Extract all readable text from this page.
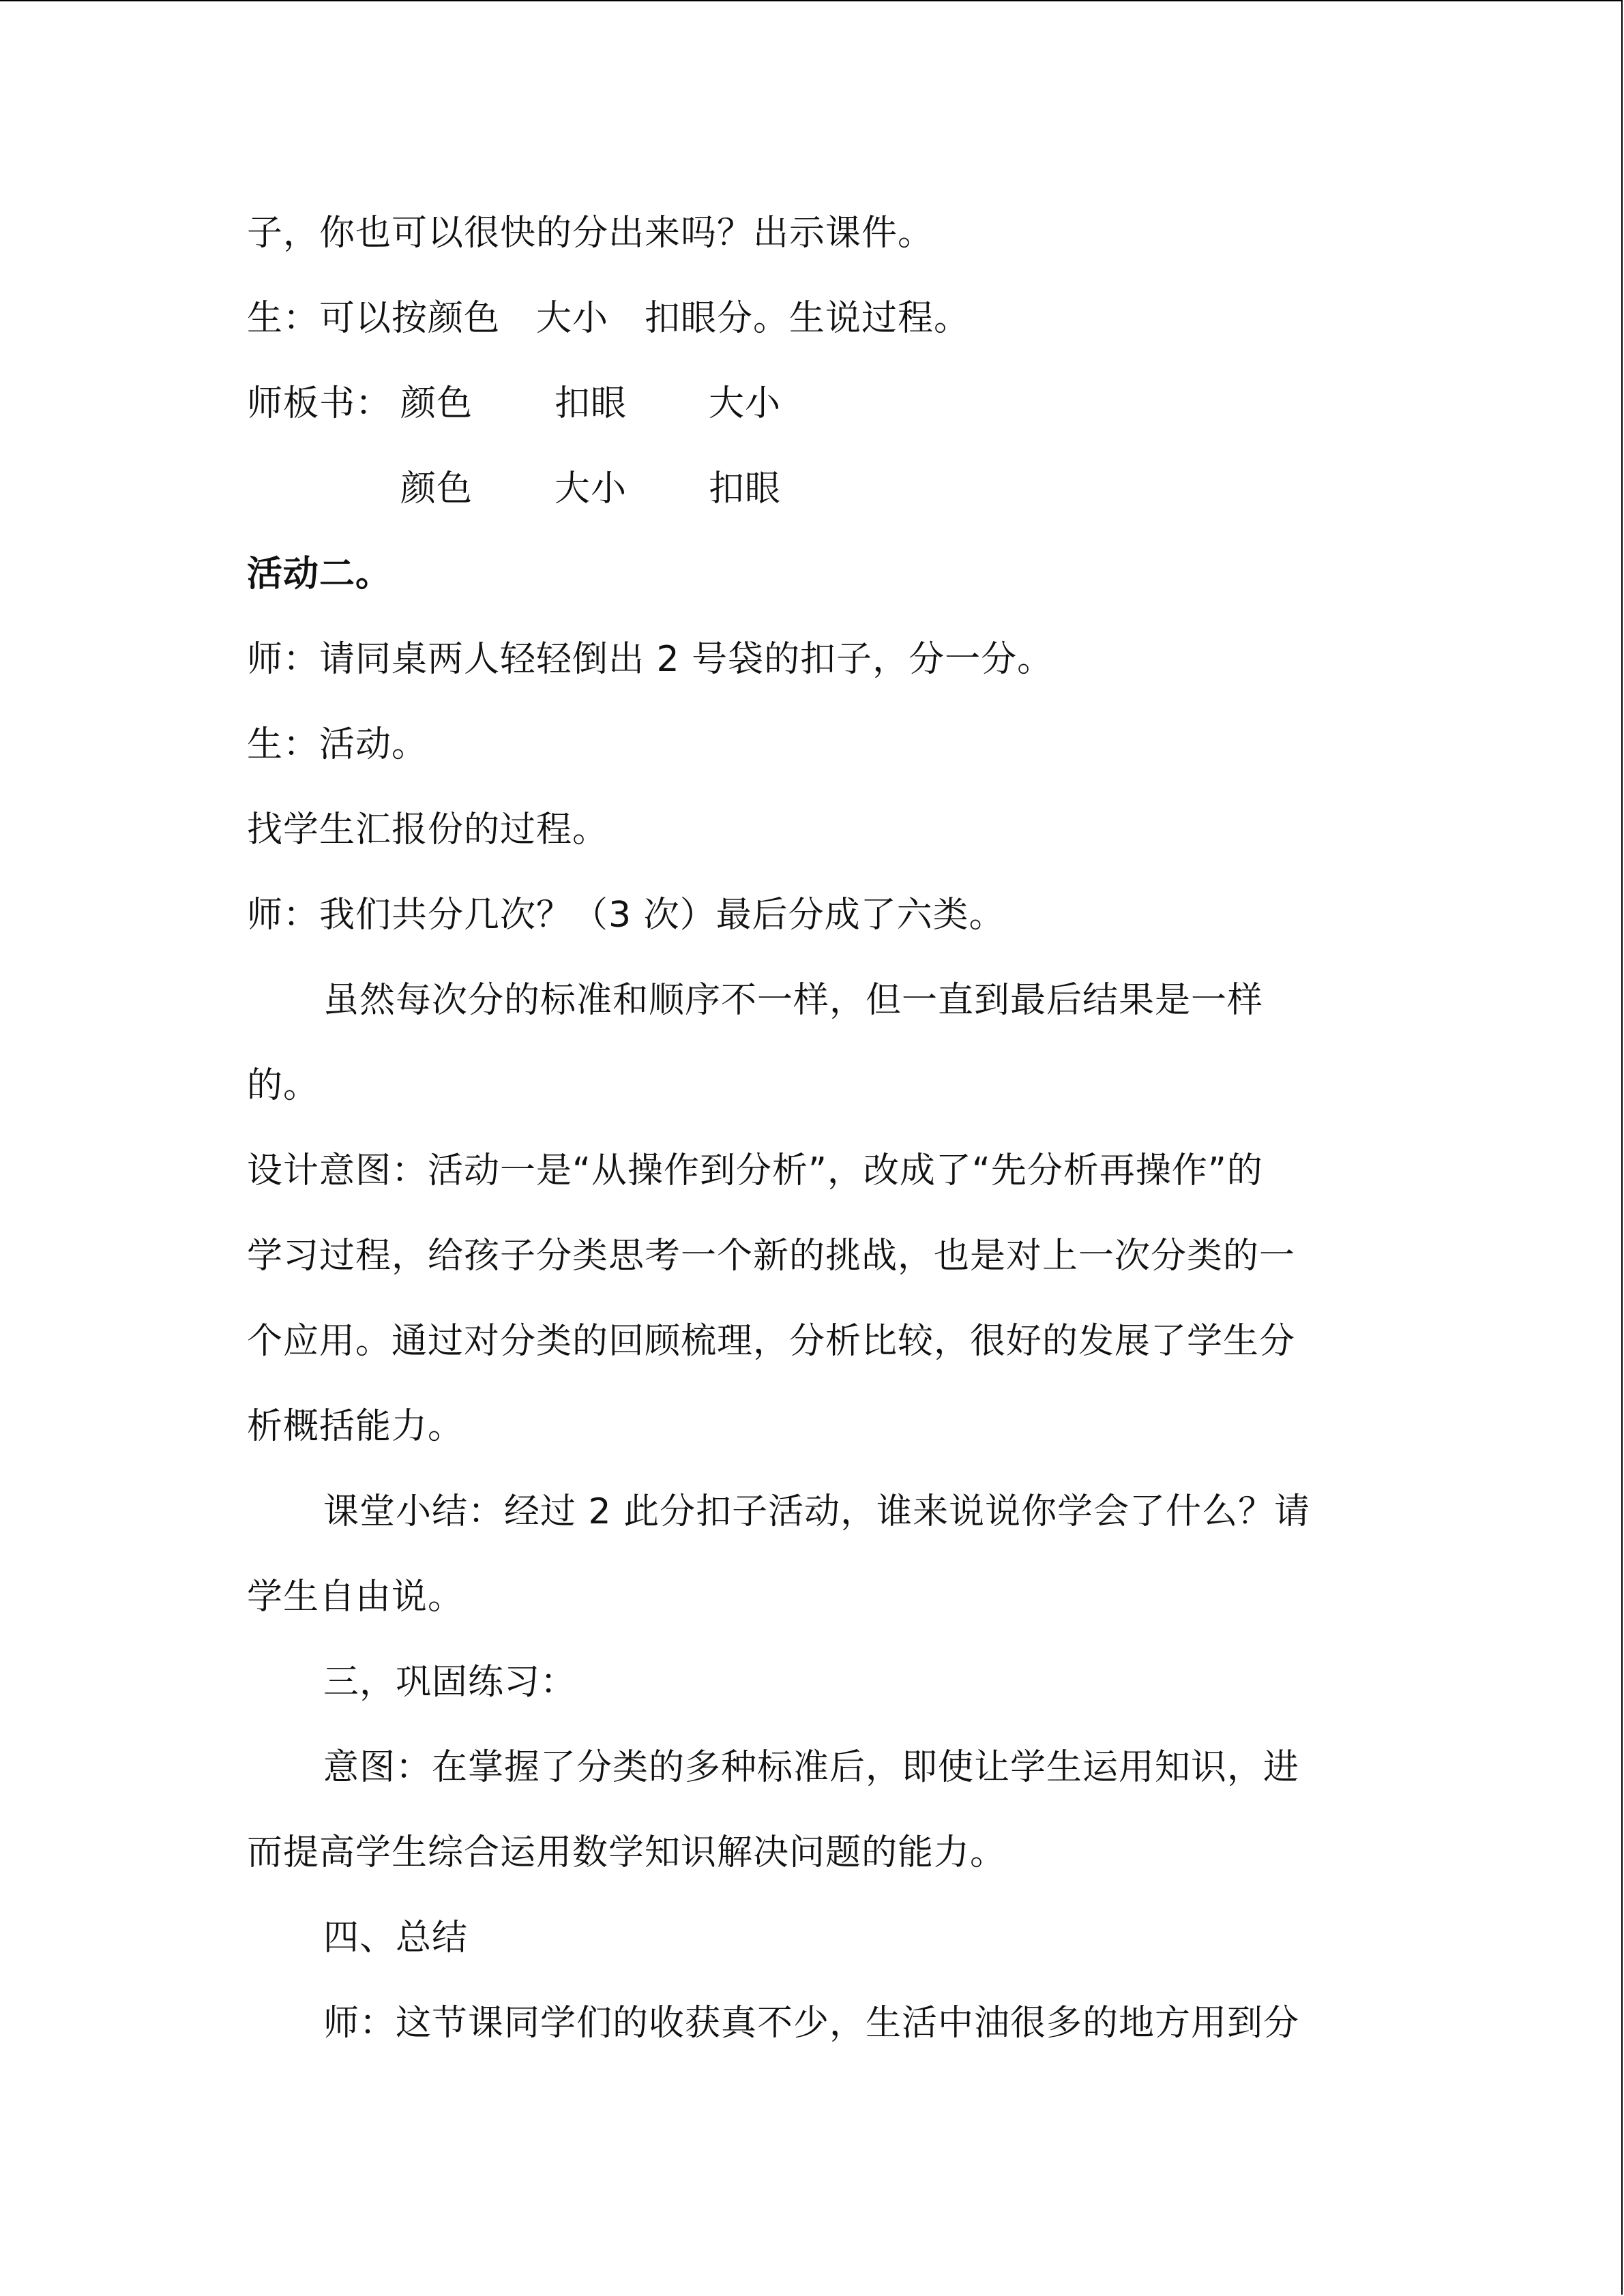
子，你也可以很快的分出来吗？出示课件。
生：可以按颜色　大小　扣眼分。生说过程。
师板书： 颜色 扣眼 大小
颜色 大小 扣眼
活动二。
师：请同桌两人轻轻倒出 2 号袋的扣子，分一分。
生：活动。
找学生汇报份的过程。
师：我们共分几次？（3 次）最后分成了六类。
虽然每次分的标准和顺序不一样，但一直到最后结果是一样
的。
设计意图：活动一是“从操作到分析”，改成了“先分析再操作”的
学习过程，给孩子分类思考一个新的挑战，也是对上一次分类的一
个应用。通过对分类的回顾梳理，分析比较，很好的发展了学生分
析概括能力。
课堂小结：经过 2 此分扣子活动，谁来说说你学会了什么？请
学生自由说。
三，巩固练习：
意图：在掌握了分类的多种标准后，即使让学生运用知识，进
而提高学生综合运用数学知识解决问题的能力。
四、总结
师：这节课同学们的收获真不少，生活中油很多的地方用到分
